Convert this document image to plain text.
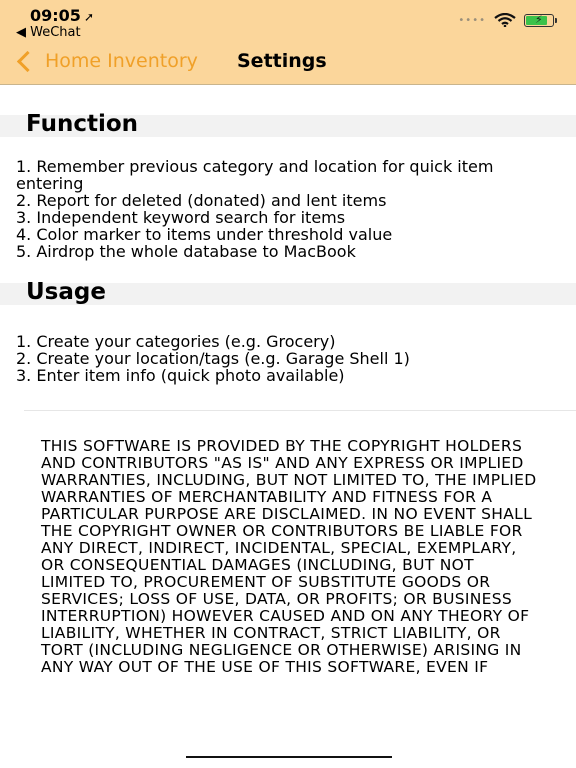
09:05 ➚
◀ WeChat
••••	⚡
Home Inventory Settings
Function
1. Remember previous category and location for quick item entering
2. Report for deleted (donated) and lent items
3. Independent keyword search for items
4. Color marker to items under threshold value
5. Airdrop the whole database to MacBook
Usage
1. Create your categories (e.g. Grocery)
2. Create your location/tags (e.g. Garage Shell 1)
3. Enter item info (quick photo available)
THIS SOFTWARE IS PROVIDED BY THE COPYRIGHT HOLDERS AND CONTRIBUTORS "AS IS" AND ANY EXPRESS OR IMPLIED WARRANTIES, INCLUDING, BUT NOT LIMITED TO, THE IMPLIED WARRANTIES OF MERCHANTABILITY AND FITNESS FOR A PARTICULAR PURPOSE ARE DISCLAIMED. IN NO EVENT SHALL THE COPYRIGHT OWNER OR CONTRIBUTORS BE LIABLE FOR ANY DIRECT, INDIRECT, INCIDENTAL, SPECIAL, EXEMPLARY, OR CONSEQUENTIAL DAMAGES (INCLUDING, BUT NOT LIMITED TO, PROCUREMENT OF SUBSTITUTE GOODS OR SERVICES; LOSS OF USE, DATA, OR PROFITS; OR BUSINESS INTERRUPTION) HOWEVER CAUSED AND ON ANY THEORY OF LIABILITY, WHETHER IN CONTRACT, STRICT LIABILITY, OR TORT (INCLUDING NEGLIGENCE OR OTHERWISE) ARISING IN ANY WAY OUT OF THE USE OF THIS SOFTWARE, EVEN IF
